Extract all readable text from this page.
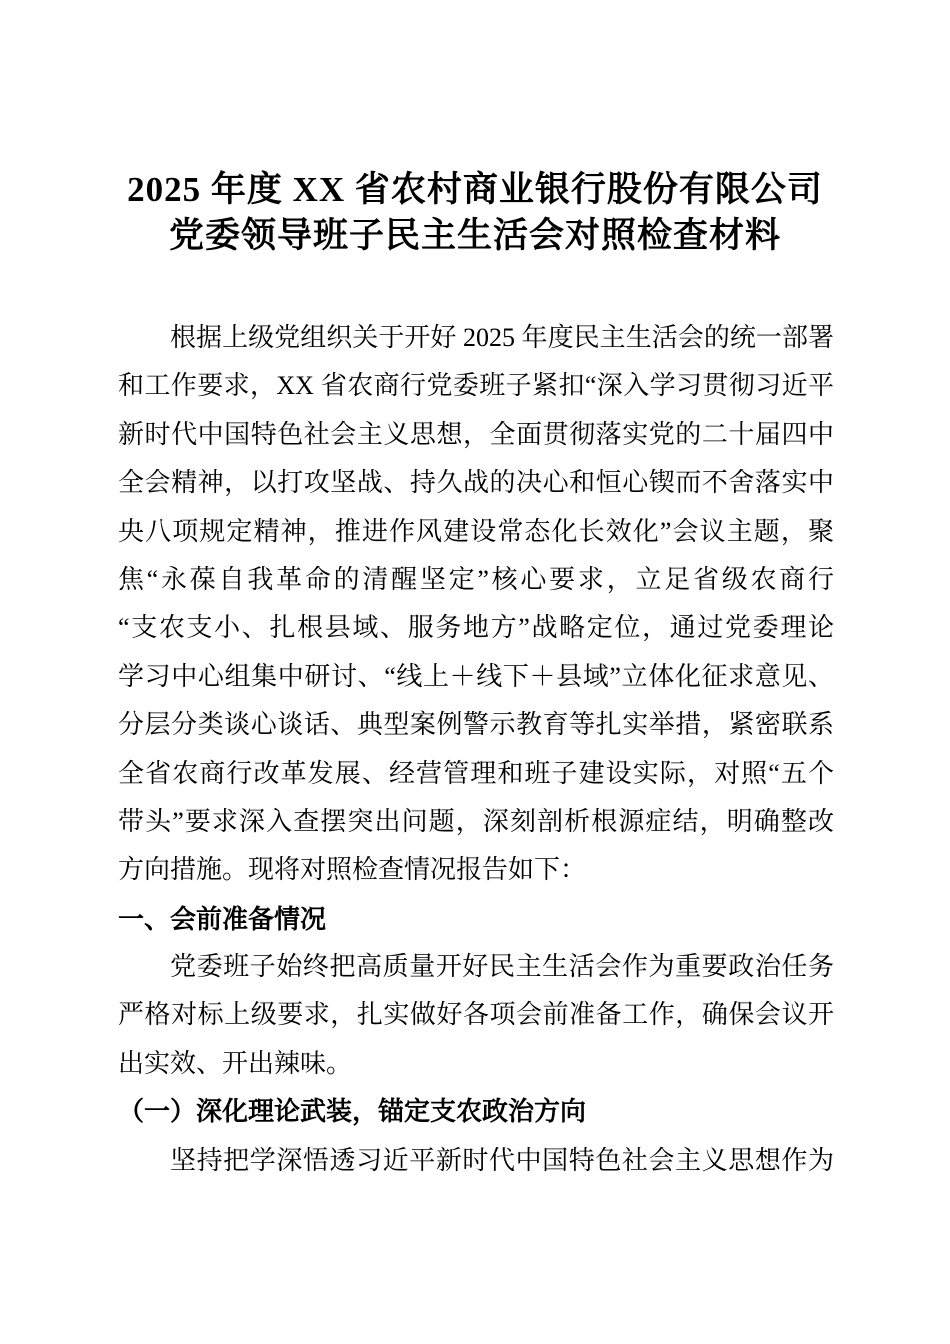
2025 年度 XX 省农村商业银行股份有限公司
党委领导班子民主生活会对照检查材料
根据上级党组织关于开好 2025 年度民主生活会的统一部署
和工作要求，XX 省农商行党委班子紧扣“深入学习贯彻习近平
新时代中国特色社会主义思想，全面贯彻落实党的二十届四中
全会精神，以打攻坚战、持久战的决心和恒心锲而不舍落实中
央八项规定精神，推进作风建设常态化长效化”会议主题，聚
焦“永葆自我革命的清醒坚定”核心要求，立足省级农商行
“支农支小、扎根县域、服务地方”战略定位，通过党委理论
学习中心组集中研讨、“线上＋线下＋县域”立体化征求意见、
分层分类谈心谈话、典型案例警示教育等扎实举措，紧密联系
全省农商行改革发展、经营管理和班子建设实际，对照“五个
带头”要求深入查摆突出问题，深刻剖析根源症结，明确整改
方向措施。现将对照检查情况报告如下：
一、会前准备情况
党委班子始终把高质量开好民主生活会作为重要政治任务
严格对标上级要求，扎实做好各项会前准备工作，确保会议开
出实效、开出辣味。
（一）深化理论武装，锚定支农政治方向
坚持把学深悟透习近平新时代中国特色社会主义思想作为
